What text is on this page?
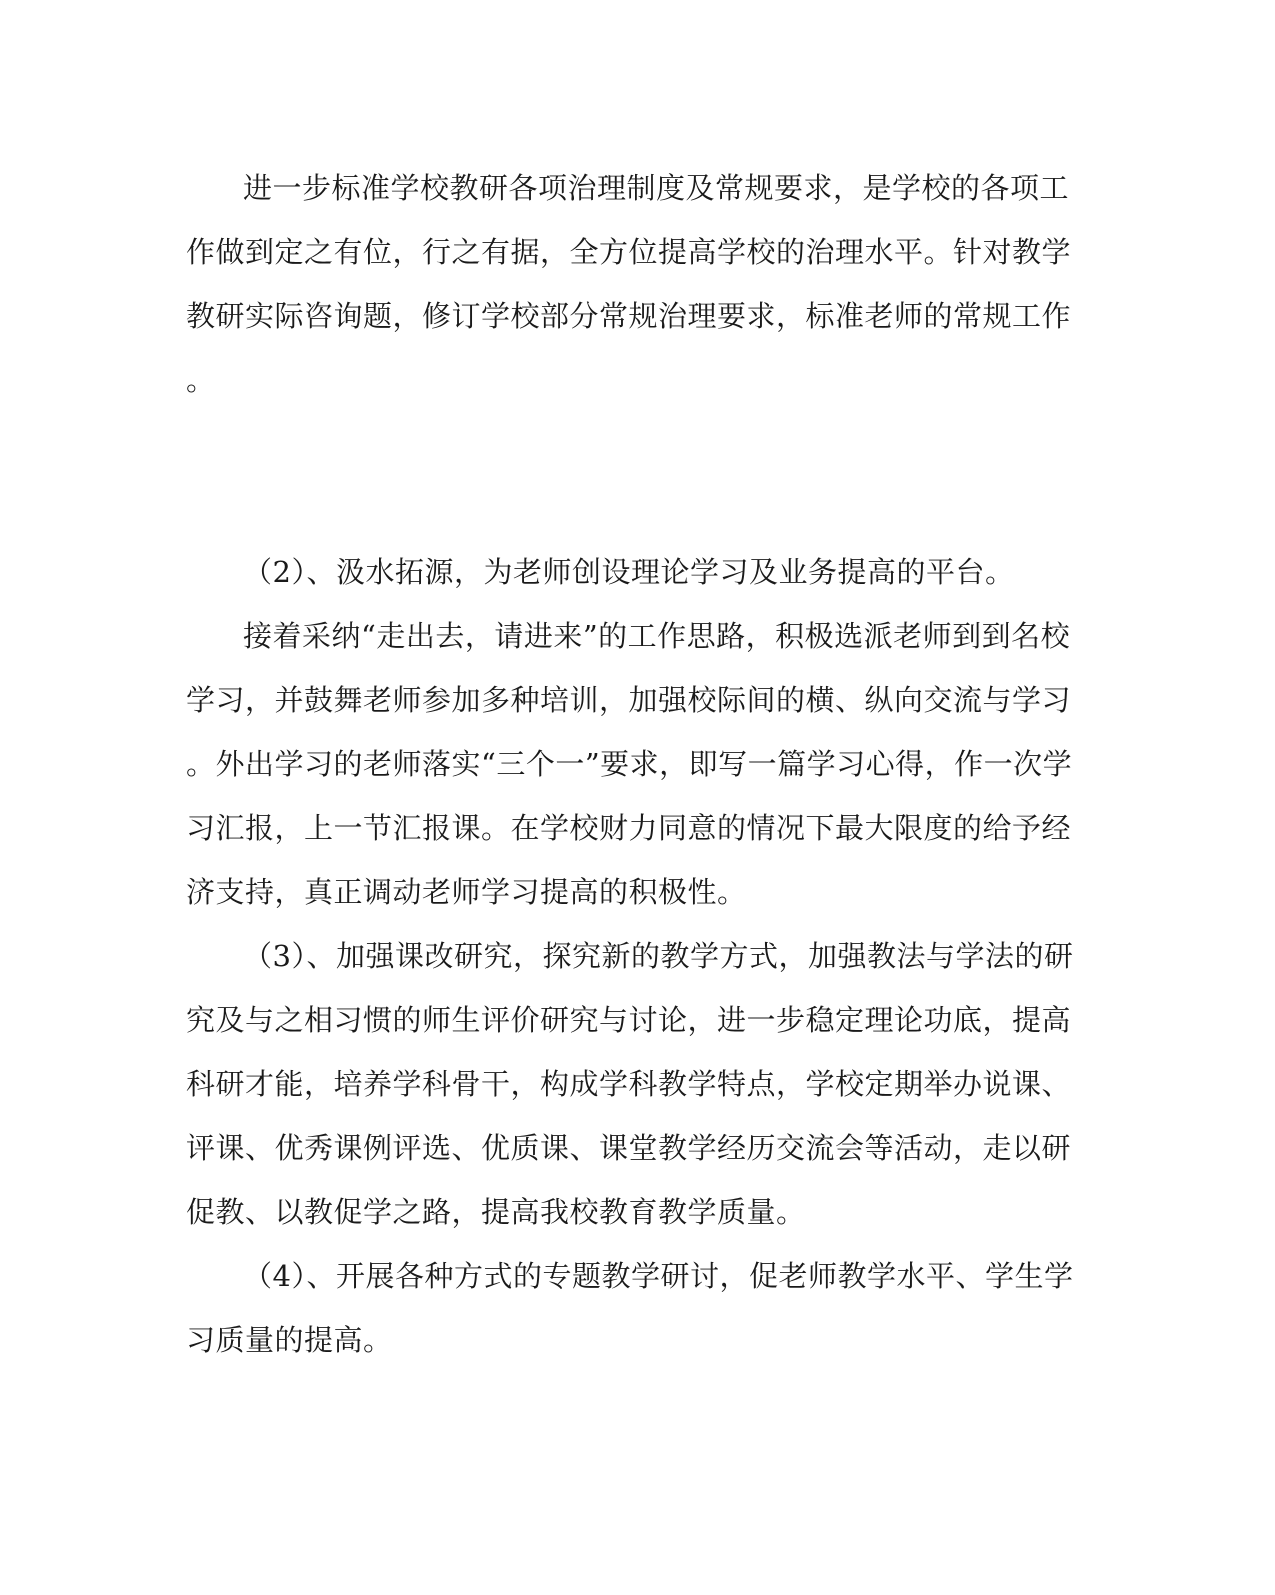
进一步标准学校教研各项治理制度及常规要求，是学校的各项工
作做到定之有位，行之有据，全方位提高学校的治理水平。针对教学
教研实际咨询题，修订学校部分常规治理要求，标准老师的常规工作
。
（2）、汲水拓源，为老师创设理论学习及业务提高的平台。
接着采纳“走出去，请进来”的工作思路，积极选派老师到到名校
学习，并鼓舞老师参加多种培训，加强校际间的横、纵向交流与学习
。外出学习的老师落实“三个一”要求，即写一篇学习心得，作一次学
习汇报，上一节汇报课。在学校财力同意的情况下最大限度的给予经
济支持，真正调动老师学习提高的积极性。
（3）、加强课改研究，探究新的教学方式，加强教法与学法的研
究及与之相习惯的师生评价研究与讨论，进一步稳定理论功底，提高
科研才能，培养学科骨干，构成学科教学特点，学校定期举办说课、
评课、优秀课例评选、优质课、课堂教学经历交流会等活动，走以研
促教、以教促学之路，提高我校教育教学质量。
（4）、开展各种方式的专题教学研讨，促老师教学水平、学生学
习质量的提高。
